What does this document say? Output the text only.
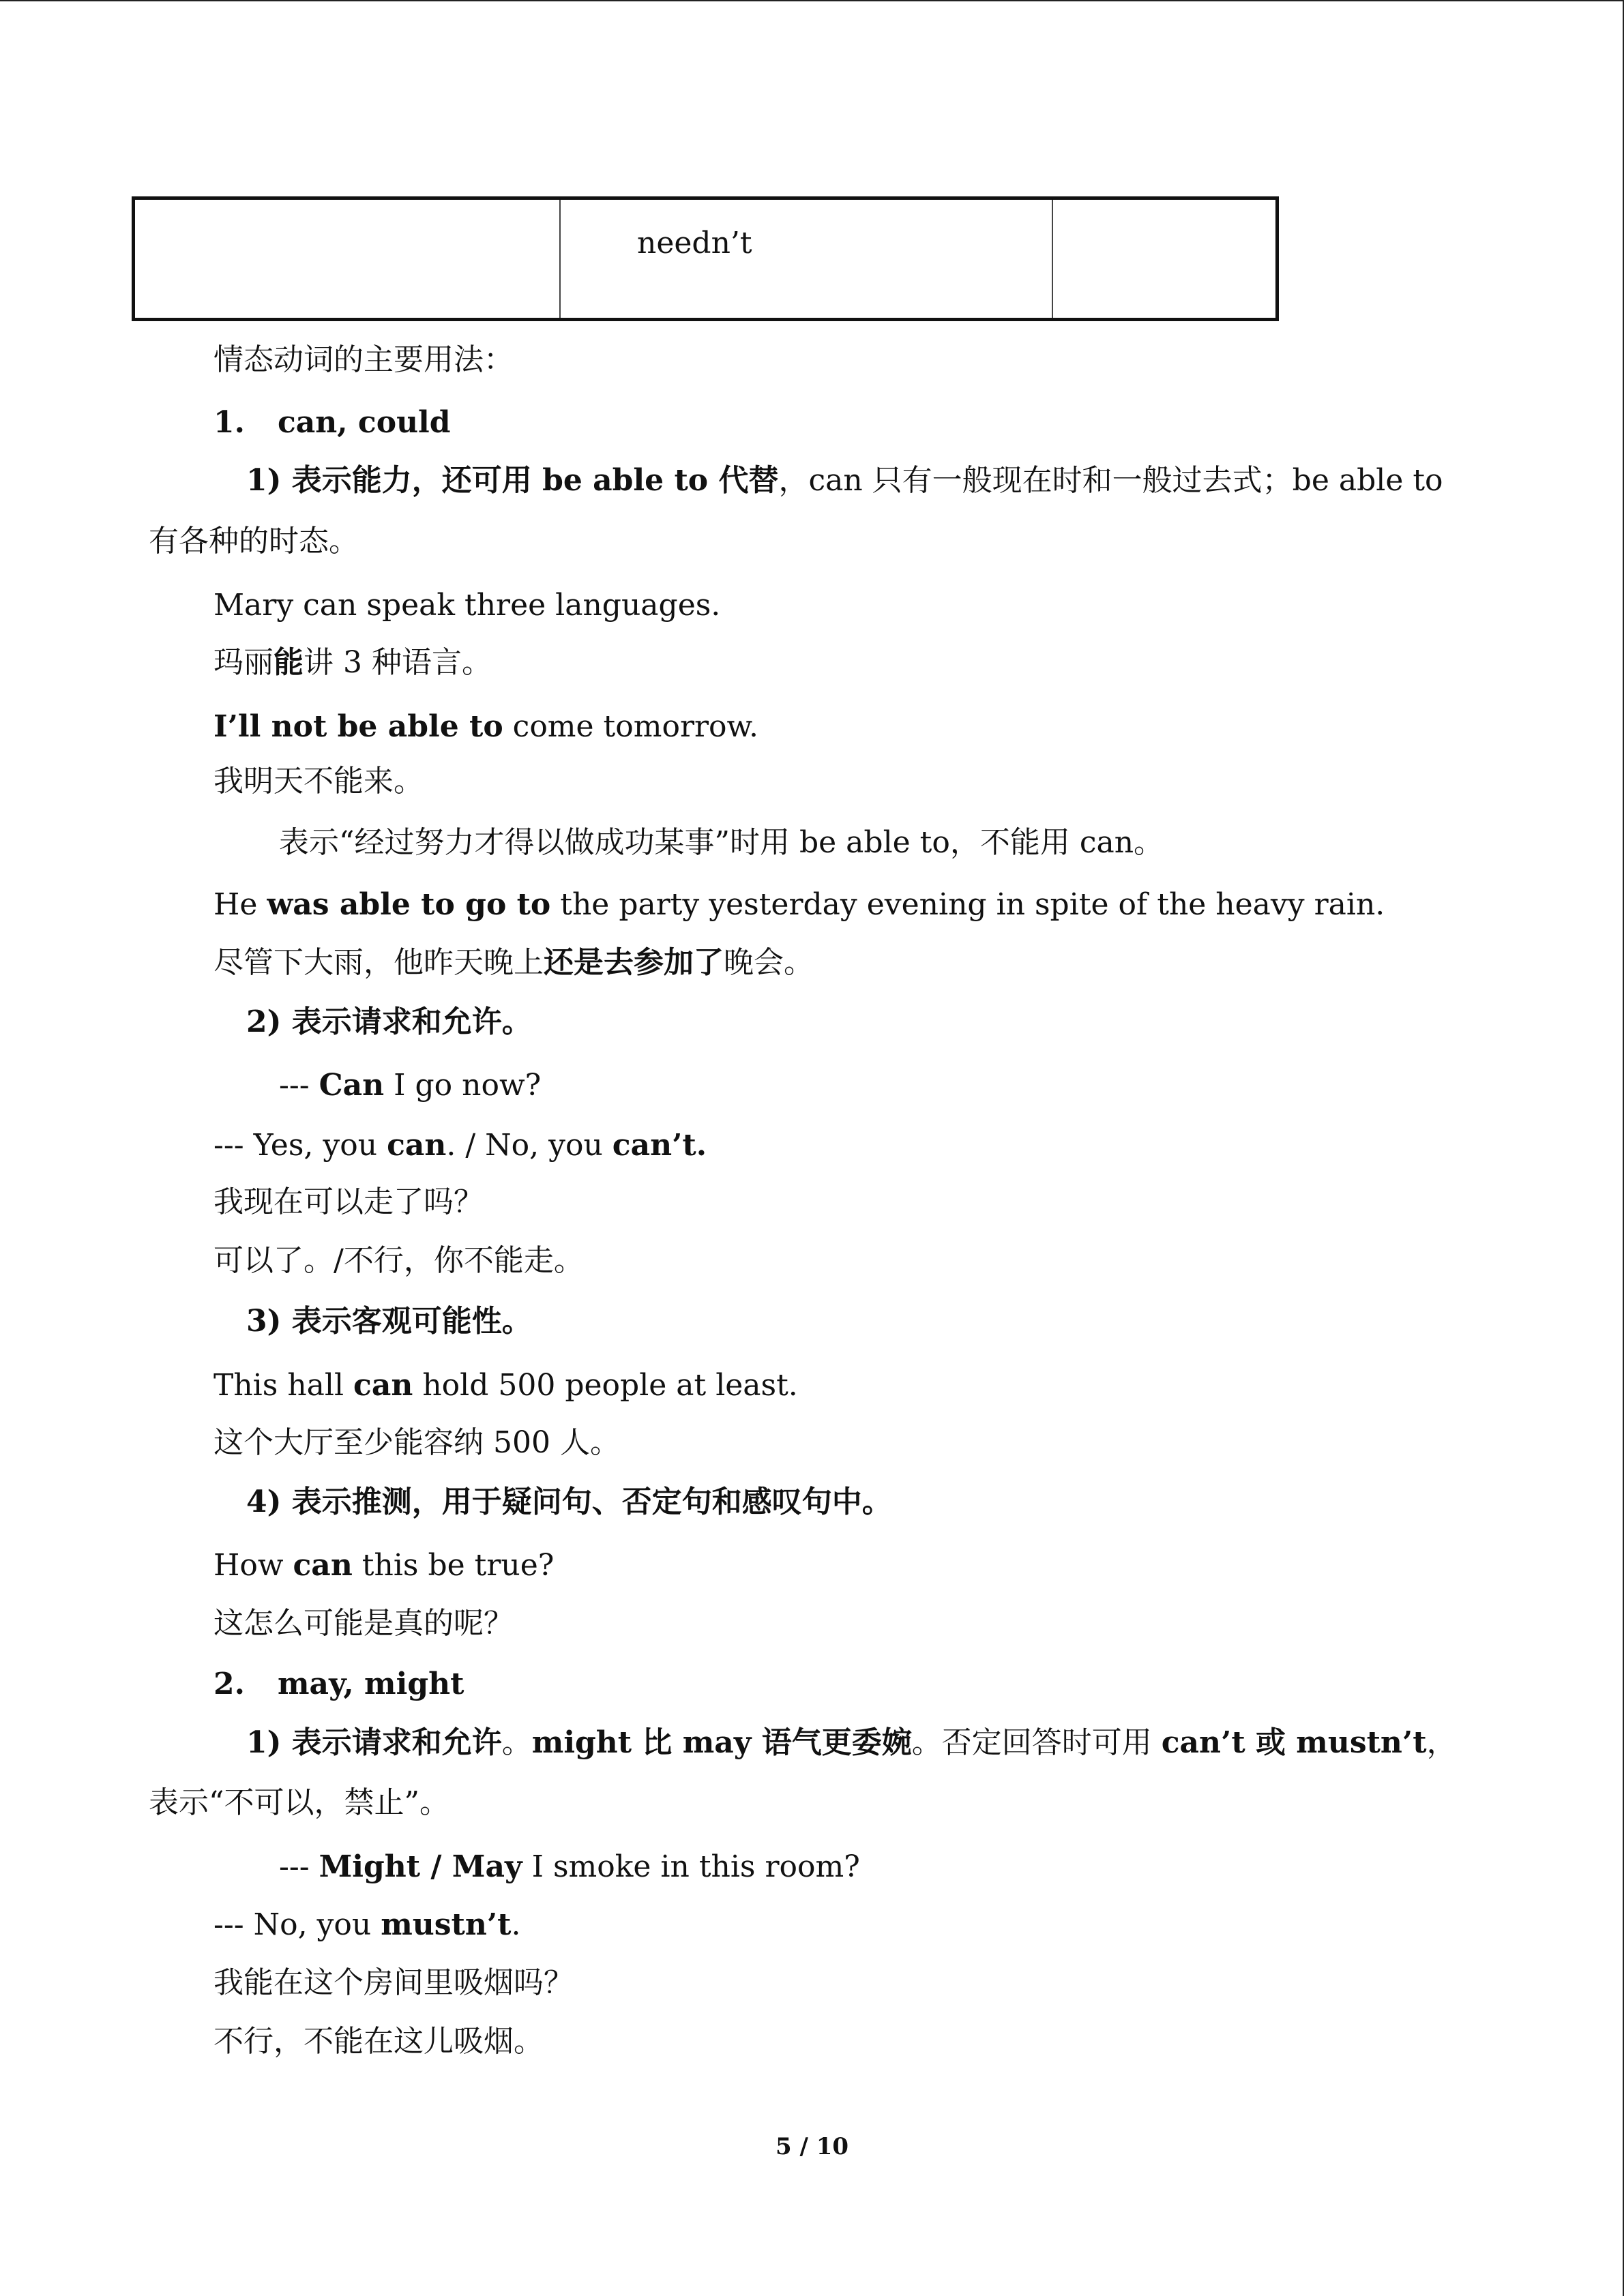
	needn’t	
情态动词的主要用法：
1. can, could
1) 表示能力，还可用 be able to 代替，can 只有一般现在时和一般过去式；be able to
有各种的时态。
Mary can speak three languages.
玛丽能讲 3 种语言。
I’ll not be able to come tomorrow.
我明天不能来。
表示“经过努力才得以做成功某事”时用 be able to，不能用 can。
He was able to go to the party yesterday evening in spite of the heavy rain.
尽管下大雨，他昨天晚上还是去参加了晚会。
2) 表示请求和允许。
--- Can I go now?
--- Yes, you can. / No, you can’t.
我现在可以走了吗？
可以了。/不行，你不能走。
3) 表示客观可能性。
This hall can hold 500 people at least.
这个大厅至少能容纳 500 人。
4) 表示推测，用于疑问句、否定句和感叹句中。
How can this be true?
这怎么可能是真的呢？
2. may, might
1) 表示请求和允许。might 比 may 语气更委婉。否定回答时可用 can’t 或 mustn’t，
表示“不可以，禁止”。
--- Might / May I smoke in this room?
--- No, you mustn’t.
我能在这个房间里吸烟吗？
不行，不能在这儿吸烟。
5 / 10
